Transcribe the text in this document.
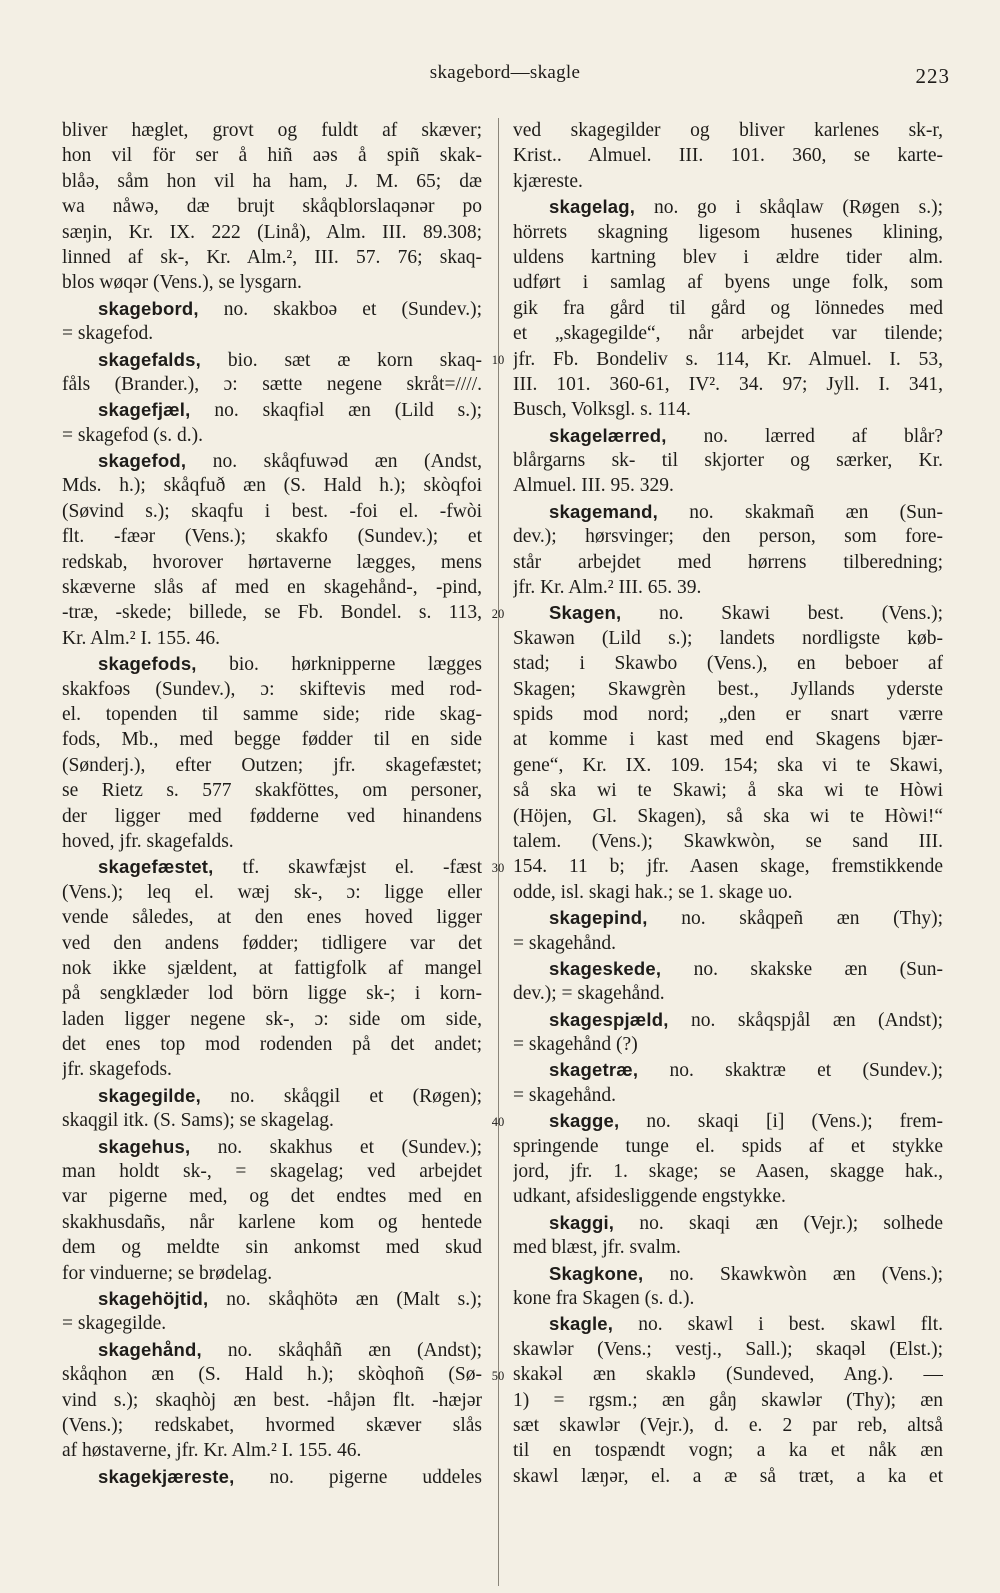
skagebord—skagle	223
bliver hæglet, grovt og fuldt af skæver;
hon vil för ser å hiñ aəs å spiñ skak-
blåə, såm hon vil ha ham, J. M. 65; dæ
wa nåwə, dæ brujt skåqblorslaqənər po
sæŋin, Kr. IX. 222 (Linå), Alm. III. 89.308;
linned af sk-, Kr. Alm.², III. 57. 76; skaq-
blos wøqər (Vens.), se lysgarn.
skagebord, no. skakboə et (Sundev.);
= skagefod.
skagefalds, bio. sæt æ korn skaq-
fåls (Brander.), ɔ: sætte negene skråt=////.
skagefjæl, no. skaqfiəl æn (Lild s.);
= skagefod (s. d.).
skagefod, no. skåqfuwəd æn (Andst,
Mds. h.); skåqfuð æn (S. Hald h.); skòqfoi
(Søvind s.); skaqfu i best. -foi el. -fwòi
flt. -fæər (Vens.); skakfo (Sundev.); et
redskab, hvorover hørtaverne lægges, mens
skæverne slås af med en skagehånd-, -pind,
-træ, -skede; billede, se Fb. Bondel. s. 113,
Kr. Alm.² I. 155. 46.
skagefods, bio. hørknipperne lægges
skakfoəs (Sundev.), ɔ: skiftevis med rod-
el. topenden til samme side; ride skag-
fods, Mb., med begge fødder til en side
(Sønderj.), efter Outzen; jfr. skagefæstet;
se Rietz s. 577 skakföttes, om personer,
der ligger med fødderne ved hinandens
hoved, jfr. skagefalds.
skagefæstet, tf. skawfæjst el. -fæst
(Vens.); leq el. wæj sk-, ɔ: ligge eller
vende således, at den enes hoved ligger
ved den andens fødder; tidligere var det
nok ikke sjældent, at fattigfolk af mangel
på sengklæder lod börn ligge sk-; i korn-
laden ligger negene sk-, ɔ: side om side,
det enes top mod rodenden på det andet;
jfr. skagefods.
skagegilde, no. skåqgil et (Røgen);
skaqgil itk. (S. Sams); se skagelag.
skagehus, no. skakhus et (Sundev.);
man holdt sk-, = skagelag; ved arbejdet
var pigerne med, og det endtes med en
skakhusdañs, når karlene kom og hentede
dem og meldte sin ankomst med skud
for vinduerne; se brødelag.
skagehöjtid, no. skåqhötə æn (Malt s.);
= skagegilde.
skagehånd, no. skåqhåñ æn (Andst);
skåqhon æn (S. Hald h.); skòqhoñ (Sø-
vind s.); skaqhòj æn best. -håjən flt. -hæjər
(Vens.); redskabet, hvormed skæver slås
af høstaverne, jfr. Kr. Alm.² I. 155. 46.
skagekjæreste, no. pigerne uddeles
10
20
30
40
50
ved skagegilder og bliver karlenes sk-r,
Krist.. Almuel. III. 101. 360, se karte-
kjæreste.
skagelag, no. go i skåqlaw (Røgen s.);
hörrets skagning ligesom husenes klining,
uldens kartning blev i ældre tider alm.
udført i samlag af byens unge folk, som
gik fra gård til gård og lönnedes med
et „skagegilde“, når arbejdet var tilende;
jfr. Fb. Bondeliv s. 114, Kr. Almuel. I. 53,
III. 101. 360-61, IV². 34. 97; Jyll. I. 341,
Busch, Volksgl. s. 114.
skagelærred, no. lærred af blår?
blårgarns sk- til skjorter og særker, Kr.
Almuel. III. 95. 329.
skagemand, no. skakmañ æn (Sun-
dev.); hørsvinger; den person, som fore-
står arbejdet med hørrens tilberedning;
jfr. Kr. Alm.² III. 65. 39.
Skagen, no. Skawi best. (Vens.);
Skawən (Lild s.); landets nordligste køb-
stad; i Skawbo (Vens.), en beboer af
Skagen; Skawgrèn best., Jyllands yderste
spids mod nord; „den er snart værre
at komme i kast med end Skagens bjær-
gene“, Kr. IX. 109. 154; ska vi te Skawi,
så ska wi te Skawi; å ska wi te Hòwi
(Höjen, Gl. Skagen), så ska wi te Hòwi!“
talem. (Vens.); Skawkwòn, se sand III.
154. 11 b; jfr. Aasen skage, fremstikkende
odde, isl. skagi hak.; se 1. skage uo.
skagepind, no. skåqpeñ æn (Thy);
= skagehånd.
skageskede, no. skakske æn (Sun-
dev.); = skagehånd.
skagespjæld, no. skåqspjål æn (Andst);
= skagehånd (?)
skagetræ, no. skaktræ et (Sundev.);
= skagehånd.
skagge, no. skaqi [i] (Vens.); frem-
springende tunge el. spids af et stykke
jord, jfr. 1. skage; se Aasen, skagge hak.,
udkant, afsidesliggende engstykke.
skaggi, no. skaqi æn (Vejr.); solhede
med blæst, jfr. svalm.
Skagkone, no. Skawkwòn æn (Vens.);
kone fra Skagen (s. d.).
skagle, no. skawl i best. skawl flt.
skawlər (Vens.; vestj., Sall.); skaqəl (Elst.);
skakəl æn skaklə (Sundeved, Ang.). —
1) = rgsm.; æn gåŋ skawlər (Thy); æn
sæt skawlər (Vejr.), d. e. 2 par reb, altså
til en tospændt vogn; a ka et nåk æn
skawl læŋər, el. a æ så træt, a ka et
